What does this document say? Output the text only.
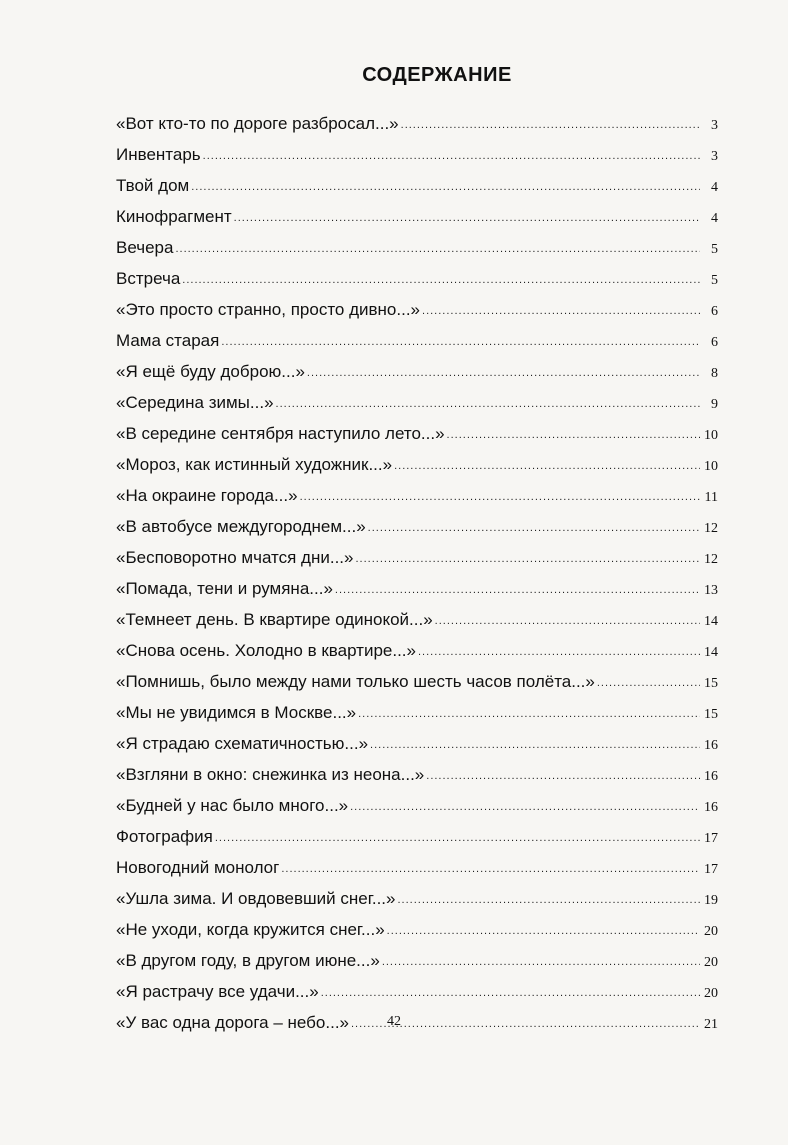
СОДЕРЖАНИЕ
«Вот кто-то по дороге разбросал...» .....	3
Инвентарь .....	3
Твой дом .....	4
Кинофрагмент .....	4
Вечера .....	5
Встреча .....	5
«Это просто странно, просто дивно...» .....	6
Мама старая .....	6
«Я ещё буду доброю...» .....	8
«Середина зимы...» .....	9
«В середине сентября наступило лето...» .....	10
«Мороз, как истинный художник...» .....	10
«На окраине города...» .....	11
«В автобусе междугороднем...» .....	12
«Бесповоротно мчатся дни...» .....	12
«Помада, тени и румяна...» .....	13
«Темнеет день. В квартире одинокой...» .....	14
«Снова осень. Холодно в квартире...» .....	14
«Помнишь, было между нами только шесть часов полёта...» .....	15
«Мы не увидимся в Москве...» .....	15
«Я страдаю схематичностью...» .....	16
«Взгляни в окно: снежинка из неона...» .....	16
«Будней у нас было много...» .....	16
Фотография .....	17
Новогодний монолог .....	17
«Ушла зима. И овдовевший снег...» .....	19
«Не уходи, когда кружится снег...» .....	20
«В другом году, в другом июне...» .....	20
«Я растрачу все удачи...» .....	20
«У вас одна дорога – небо...» .....	21
42
